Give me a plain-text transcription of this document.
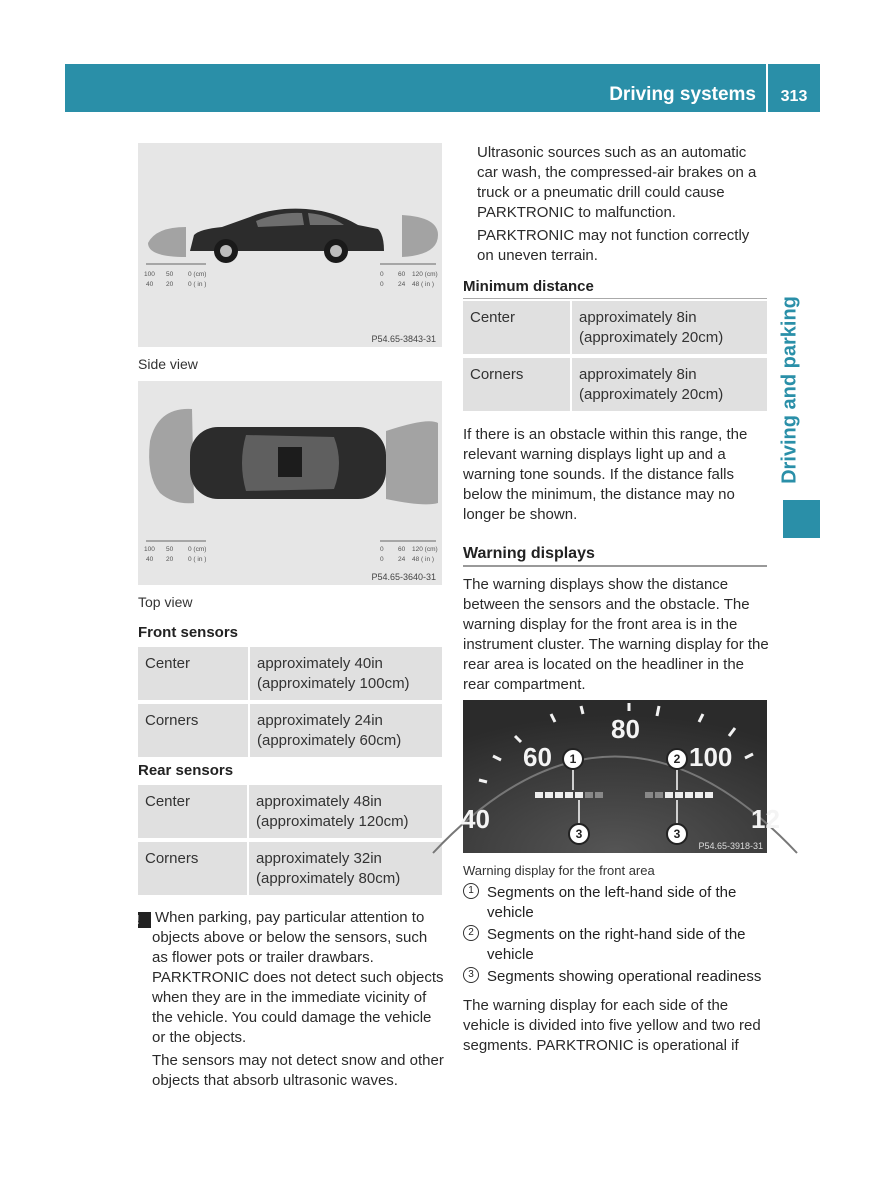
Driving systems	313
Driving and parking
100 50 0 (cm)
40 20 0 ( in )
0 60 120 (cm)
0 24 48 ( in )
P54.65-3843-31
Side view
100 50 0 (cm)
40 20 0 ( in )
0 60 120 (cm)
0 24 48 ( in )
P54.65-3640-31
Top view
Front sensors
Center	approximately 40in
(approximately 100cm)

Corners	approximately 24in
(approximately 60cm)
Rear sensors
Center	approximately 48in
(approximately 120cm)

Corners	approximately 32in
(approximately 80cm)

! When parking, pay particular attention to objects above or below the sensors, such as flower pots or trailer drawbars. PARKTRONIC does not detect such objects when they are in the immediate vicinity of the vehicle. You could damage the vehicle or the objects.

The sensors may not detect snow and other objects that absorb ultrasonic waves.

Ultrasonic sources such as an automatic car wash, the compressed-air brakes on a truck or a pneumatic drill could cause PARKTRONIC to malfunction.

PARKTRONIC may not function correctly on uneven terrain.

Minimum distance
Center	approximately 8in
(approximately 20cm)

Corners	approximately 8in
(approximately 20cm)
If there is an obstacle within this range, the relevant warning displays light up and a warning tone sounds. If the distance falls below the minimum, the distance may no longer be shown.
Warning displays
The warning displays show the distance between the sensors and the obstacle. The warning display for the front area is in the instrument cluster. The warning display for the rear area is located on the headliner in the rear compartment.
80
60	100
40	12
1	2
3	3
P54.65-3918-31
Warning display for the front area
1 Segments on the left-hand side of the vehicle
2 Segments on the right-hand side of the vehicle
3 Segments showing operational readiness
The warning display for each side of the vehicle is divided into five yellow and two red segments. PARKTRONIC is operational if
